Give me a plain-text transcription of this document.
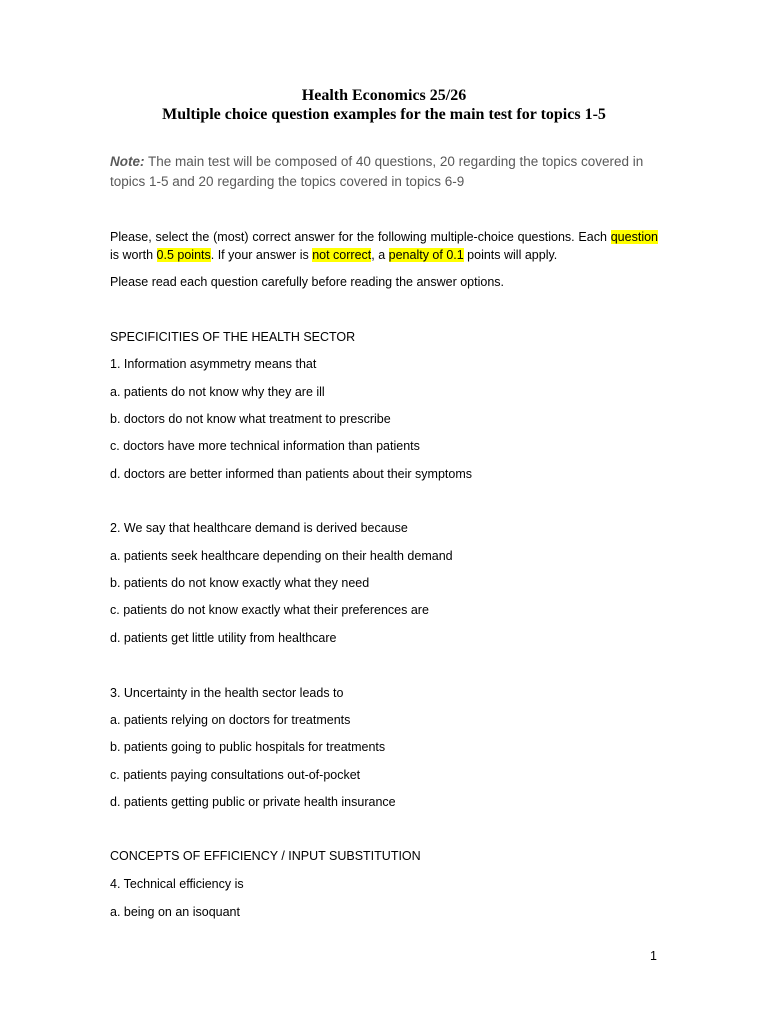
Health Economics 25/26
Multiple choice question examples for the main test for topics 1-5
Note: The main test will be composed of 40 questions, 20 regarding the topics covered in topics 1-5 and 20 regarding the topics covered in topics 6-9
Please, select the (most) correct answer for the following multiple-choice questions. Each question is worth 0.5 points. If your answer is not correct, a penalty of 0.1 points will apply.
Please read each question carefully before reading the answer options.
SPECIFICITIES OF THE HEALTH SECTOR
1. Information asymmetry means that
a. patients do not know why they are ill
b. doctors do not know what treatment to prescribe
c. doctors have more technical information than patients
d. doctors are better informed than patients about their symptoms
2. We say that healthcare demand is derived because
a. patients seek healthcare depending on their health demand
b. patients do not know exactly what they need
c. patients do not know exactly what their preferences are
d. patients get little utility from healthcare
3. Uncertainty in the health sector leads to
a. patients relying on doctors for treatments
b. patients going to public hospitals for treatments
c. patients paying consultations out-of-pocket
d. patients getting public or private health insurance
CONCEPTS OF EFFICIENCY / INPUT SUBSTITUTION
4. Technical efficiency is
a. being on an isoquant
1
